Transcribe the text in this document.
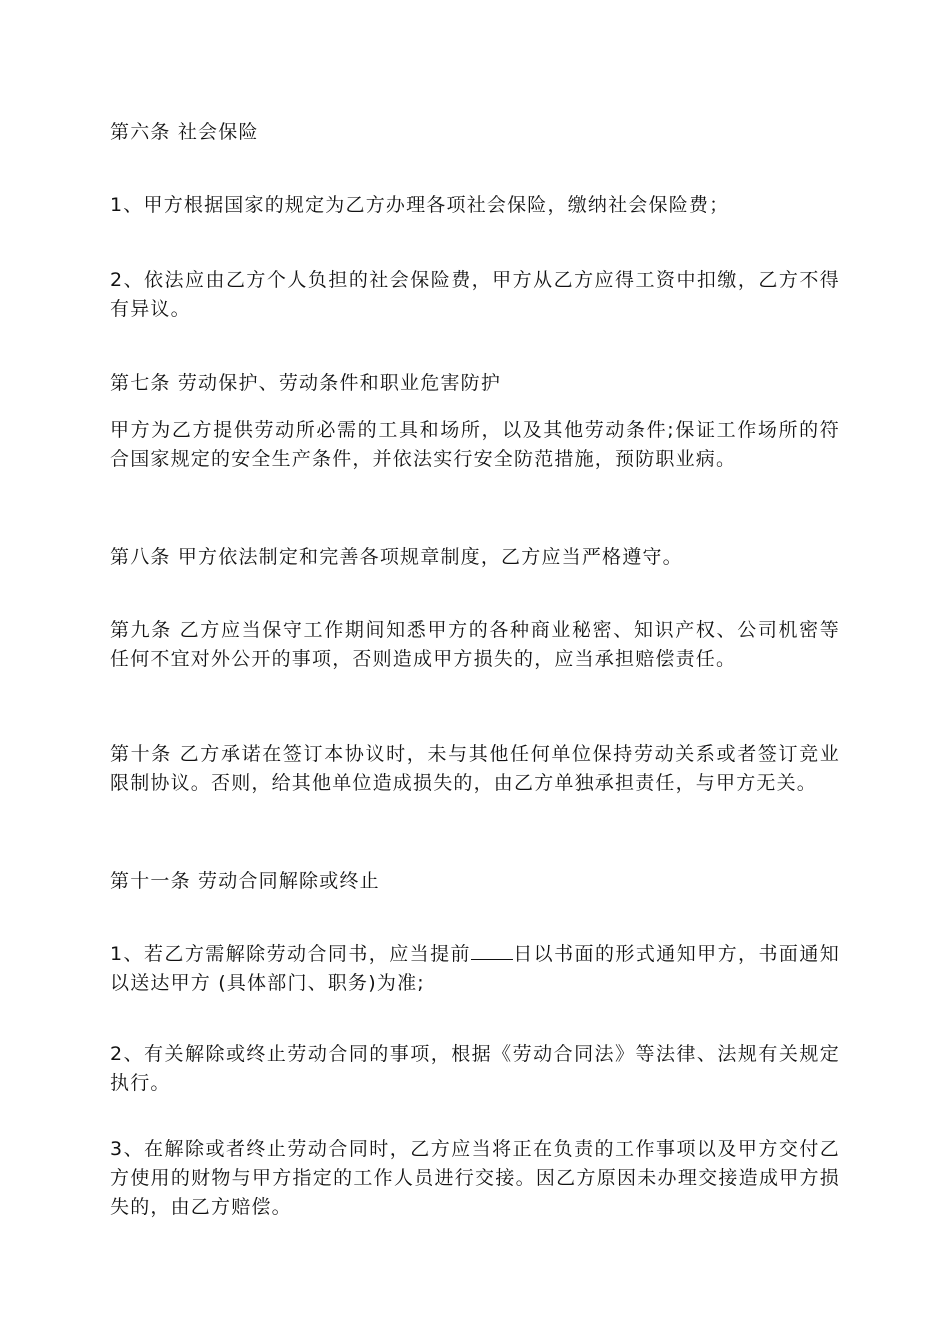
第六条 社会保险

1、甲方根据国家的规定为乙方办理各项社会保险，缴纳社会保险费；

2、依法应由乙方个人负担的社会保险费，甲方从乙方应得工资中扣缴，乙方不得有异议。

第七条 劳动保护、劳动条件和职业危害防护

甲方为乙方提供劳动所必需的工具和场所，以及其他劳动条件;保证工作场所的符合国家规定的安全生产条件，并依法实行安全防范措施，预防职业病。

第八条 甲方依法制定和完善各项规章制度，乙方应当严格遵守。

第九条 乙方应当保守工作期间知悉甲方的各种商业秘密、知识产权、公司机密等任何不宜对外公开的事项，否则造成甲方损失的，应当承担赔偿责任。

第十条 乙方承诺在签订本协议时，未与其他任何单位保持劳动关系或者签订竞业限制协议。否则，给其他单位造成损失的，由乙方单独承担责任，与甲方无关。

第十一条 劳动合同解除或终止

1、若乙方需解除劳动合同书，应当提前 日以书面的形式通知甲方，书面通知以送达甲方 (具体部门、职务)为准;

2、有关解除或终止劳动合同的事项，根据《劳动合同法》等法律、法规有关规定执行。

3、在解除或者终止劳动合同时，乙方应当将正在负责的工作事项以及甲方交付乙方使用的财物与甲方指定的工作人员进行交接。因乙方原因未办理交接造成甲方损失的，由乙方赔偿。
